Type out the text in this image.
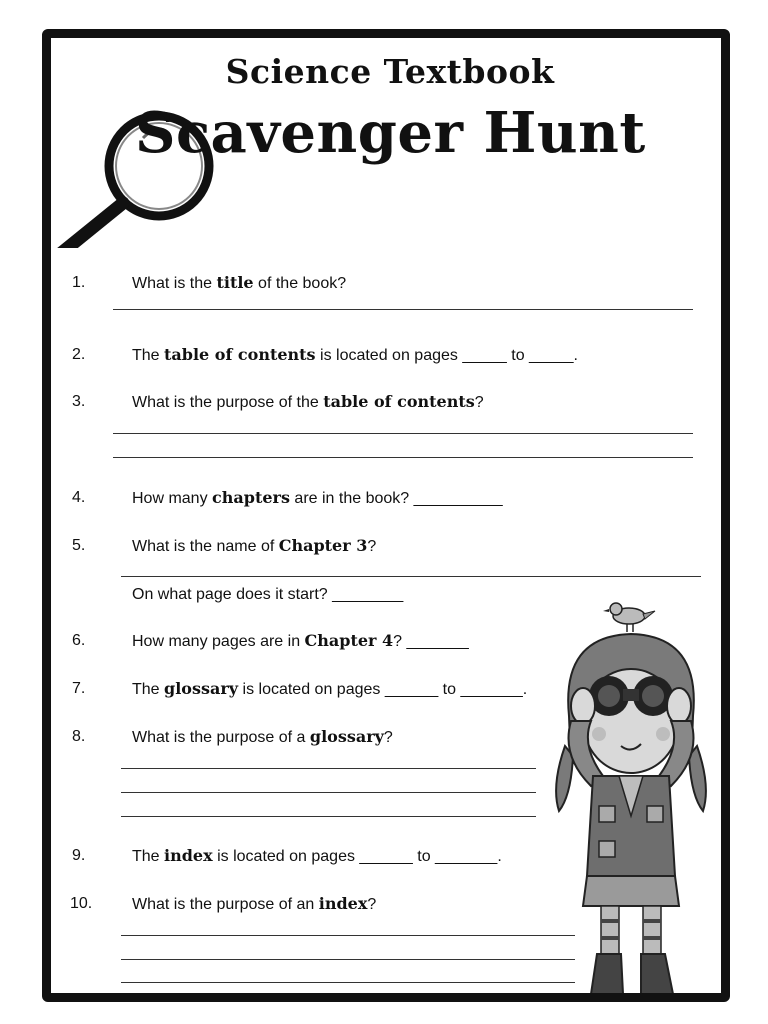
Science Textbook
Scavenger Hunt
1.	What is the title of the book?
2.	The table of contents is located on pages _____ to _____.
3.	What is the purpose of the table of contents?
4.	How many chapters are in the book? __________
5.	What is the name of Chapter 3?
On what page does it start? ________
6.	How many pages are in Chapter 4? _______
7.	The glossary is located on pages ______ to _______.
8.	What is the purpose of a glossary?
9.	The index is located on pages ______ to _______.
10.	What is the purpose of an index?
